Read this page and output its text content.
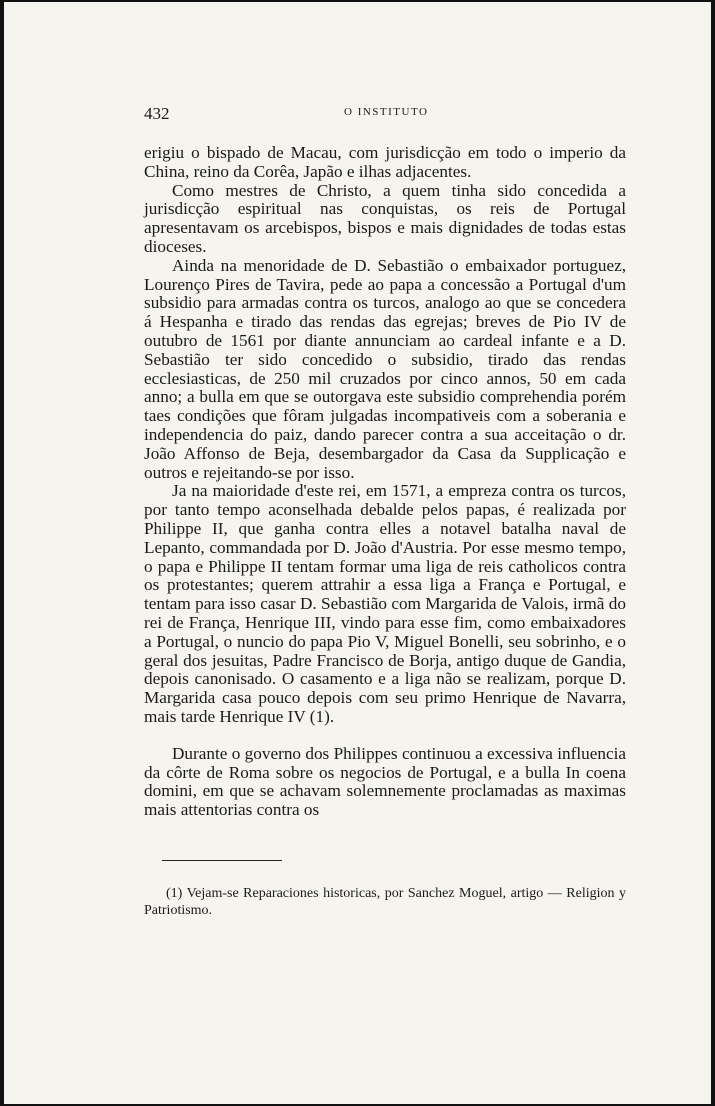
432	O INSTITUTO

erigiu o bispado de Macau, com jurisdicção em todo o imperio da China, reino da Corêa, Japão e ilhas adjacentes.

Como mestres de Christo, a quem tinha sido concedida a jurisdicção espiritual nas conquistas, os reis de Portugal apresentavam os arcebispos, bispos e mais dignidades de todas estas dioceses.

Ainda na menoridade de D. Sebastião o embaixador portuguez, Lourenço Pires de Tavira, pede ao papa a concessão a Portugal d'um subsidio para armadas contra os turcos, analogo ao que se concedera á Hespanha e tirado das rendas das egrejas; breves de Pio IV de outubro de 1561 por diante annunciam ao cardeal infante e a D. Sebastião ter sido concedido o subsidio, tirado das rendas ecclesiasticas, de 250 mil cruzados por cinco annos, 50 em cada anno; a bulla em que se outorgava este subsidio comprehendia porém taes condições que fôram julgadas incompativeis com a soberania e independencia do paiz, dando parecer contra a sua acceitação o dr. João Affonso de Beja, desembargador da Casa da Supplicação e outros e rejeitando-se por isso.

Ja na maioridade d'este rei, em 1571, a empreza contra os turcos, por tanto tempo aconselhada debalde pelos papas, é realizada por Philippe II, que ganha contra elles a notavel batalha naval de Lepanto, commandada por D. João d'Austria. Por esse mesmo tempo, o papa e Philippe II tentam formar uma liga de reis catholicos contra os protestantes; querem attrahir a essa liga a França e Portugal, e tentam para isso casar D. Sebastião com Margarida de Valois, irmã do rei de França, Henrique III, vindo para esse fim, como embaixadores a Portugal, o nuncio do papa Pio V, Miguel Bonelli, seu sobrinho, e o geral dos jesuitas, Padre Francisco de Borja, antigo duque de Gandia, depois canonisado. O casamento e a liga não se realizam, porque D. Margarida casa pouco depois com seu primo Henrique de Navarra, mais tarde Henrique IV (1).

Durante o governo dos Philippes continuou a excessiva influencia da côrte de Roma sobre os negocios de Portugal, e a bulla In coena domini, em que se achavam solemnemente proclamadas as maximas mais attentorias contra os

(1) Vejam-se Reparaciones historicas, por Sanchez Moguel, artigo — Religion y Patriotismo.
